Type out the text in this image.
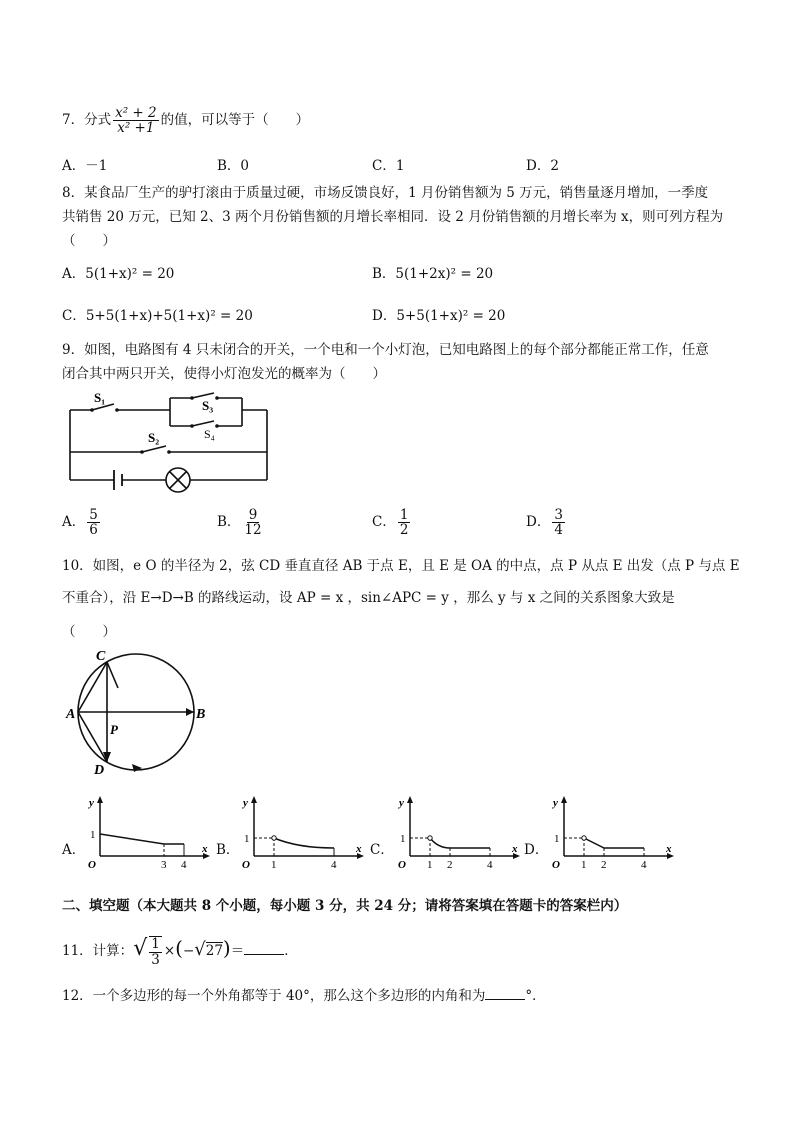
7．分式 $\frac{\text{x² + 2}}{\text{x² +1}}$ 的值，可以等于（　　）
A．－1	B．0	C．1	D．2
8．某食品厂生产的驴打滚由于质量过硬，市场反馈良好，1 月份销售额为 5 万元，销售量逐月增加，一季度
共销售 20 万元，已知 2、3 两个月份销售额的月增长率相同．设 2 月份销售额的月增长率为 x，则可列方程为
（　　）
A．5(1+x)² = 20	B．5(1+2x)² = 20
C．5+5(1+x)+5(1+x)² = 20	D．5+5(1+x)² = 20
9．如图，电路图有 4 只未闭合的开关，一个电和一个小灯泡，已知电路图上的每个部分都能正常工作，任意
闭合其中两只开关，使得小灯泡发光的概率为（　　）
S₁
S₃
S₄
S₂
A． $\frac{5}{6}$	B． $\frac{9}{12}$	C． $\frac{1}{2}$	D． $\frac{3}{4}$
10．如图，e O 的半径为 2，弦 CD 垂直直径 AB 于点 E，且 E 是 OA 的中点，点 P 从点 E 出发（点 P 与点 E
不重合），沿 E→D→B 的路线运动，设 AP = x ，sin∠APC = y ，那么 y 与 x 之间的关系图象大致是
（　　）
C
A	B
P
D
A．
y
x
O
1
3 4
B．
y
x
O
1
1	4
C．
y
x
O
1
1 2	4
D．
y
x
O
1
1 2	4
二、填空题（本大题共 8 个小题，每小题 3 分，共 24 分；请将答案填在答题卡的答案栏内）
11．计算：√ $\frac{1}{3} \times(-√27)=$	．
12．一个多边形的每一个外角都等于 40°，那么这个多边形的内角和为	°．
